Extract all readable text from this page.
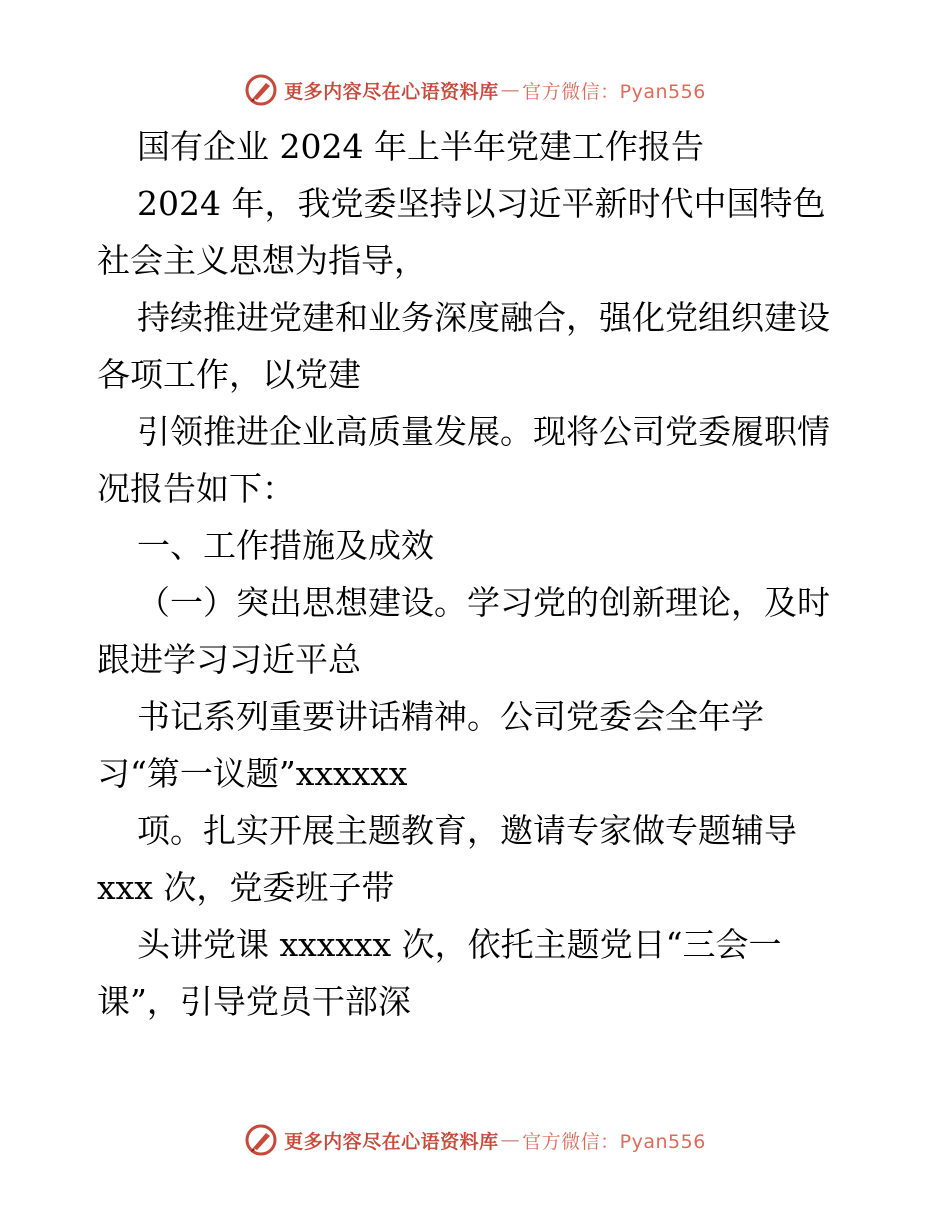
更多内容尽在心语资料库 — 官方微信：Pyan556

国有企业 2024 年上半年党建工作报告

2024 年，我党委坚持以习近平新时代中国特色

社会主义思想为指导，

持续推进党建和业务深度融合，强化党组织建设

各项工作，以党建

引领推进企业高质量发展。现将公司党委履职情

况报告如下：

一、工作措施及成效

（一）突出思想建设。学习党的创新理论，及时

跟进学习习近平总

书记系列重要讲话精神。公司党委会全年学

习“第一议题”xxxxxx

项。扎实开展主题教育，邀请专家做专题辅导

xxx 次，党委班子带

头讲党课 xxxxxx 次，依托主题党日“三会一

课”，引导党员干部深

更多内容尽在心语资料库 — 官方微信：Pyan556
